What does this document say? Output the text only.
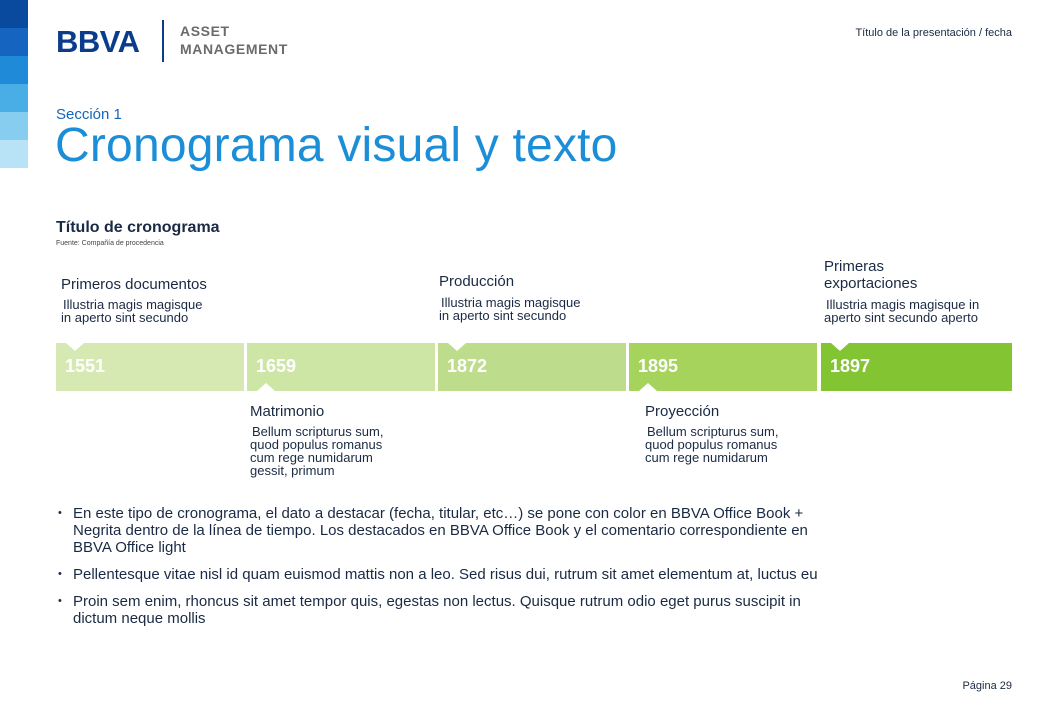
BBVA	ASSET
MANAGEMENT
Título de la presentación / fecha
Sección 1
Cronograma visual y texto
Título de cronograma
Fuente: Compañía de procedencia
Primeros documentos
Illustria magis magisque
in aperto sint secundo
Producción
Illustria magis magisque
in aperto sint secundo
Primeras
exportaciones
Illustria magis magisque in
aperto sint secundo aperto
1551	1659	1872	1895	1897
Matrimonio
Bellum scripturus sum,
quod populus romanus
cum rege numidarum
gessit, primum
Proyección
Bellum scripturus sum,
quod populus romanus
cum rege numidarum
• En este tipo de cronograma, el dato a destacar (fecha, titular, etc…) se pone con color en BBVA Office Book +
Negrita dentro de la línea de tiempo. Los destacados en BBVA Office Book y el comentario correspondiente en
BBVA Office light
• Pellentesque vitae nisl id quam euismod mattis non a leo. Sed risus dui, rutrum sit amet elementum at, luctus eu
• Proin sem enim, rhoncus sit amet tempor quis, egestas non lectus. Quisque rutrum odio eget purus suscipit in
dictum neque mollis
Página 29
